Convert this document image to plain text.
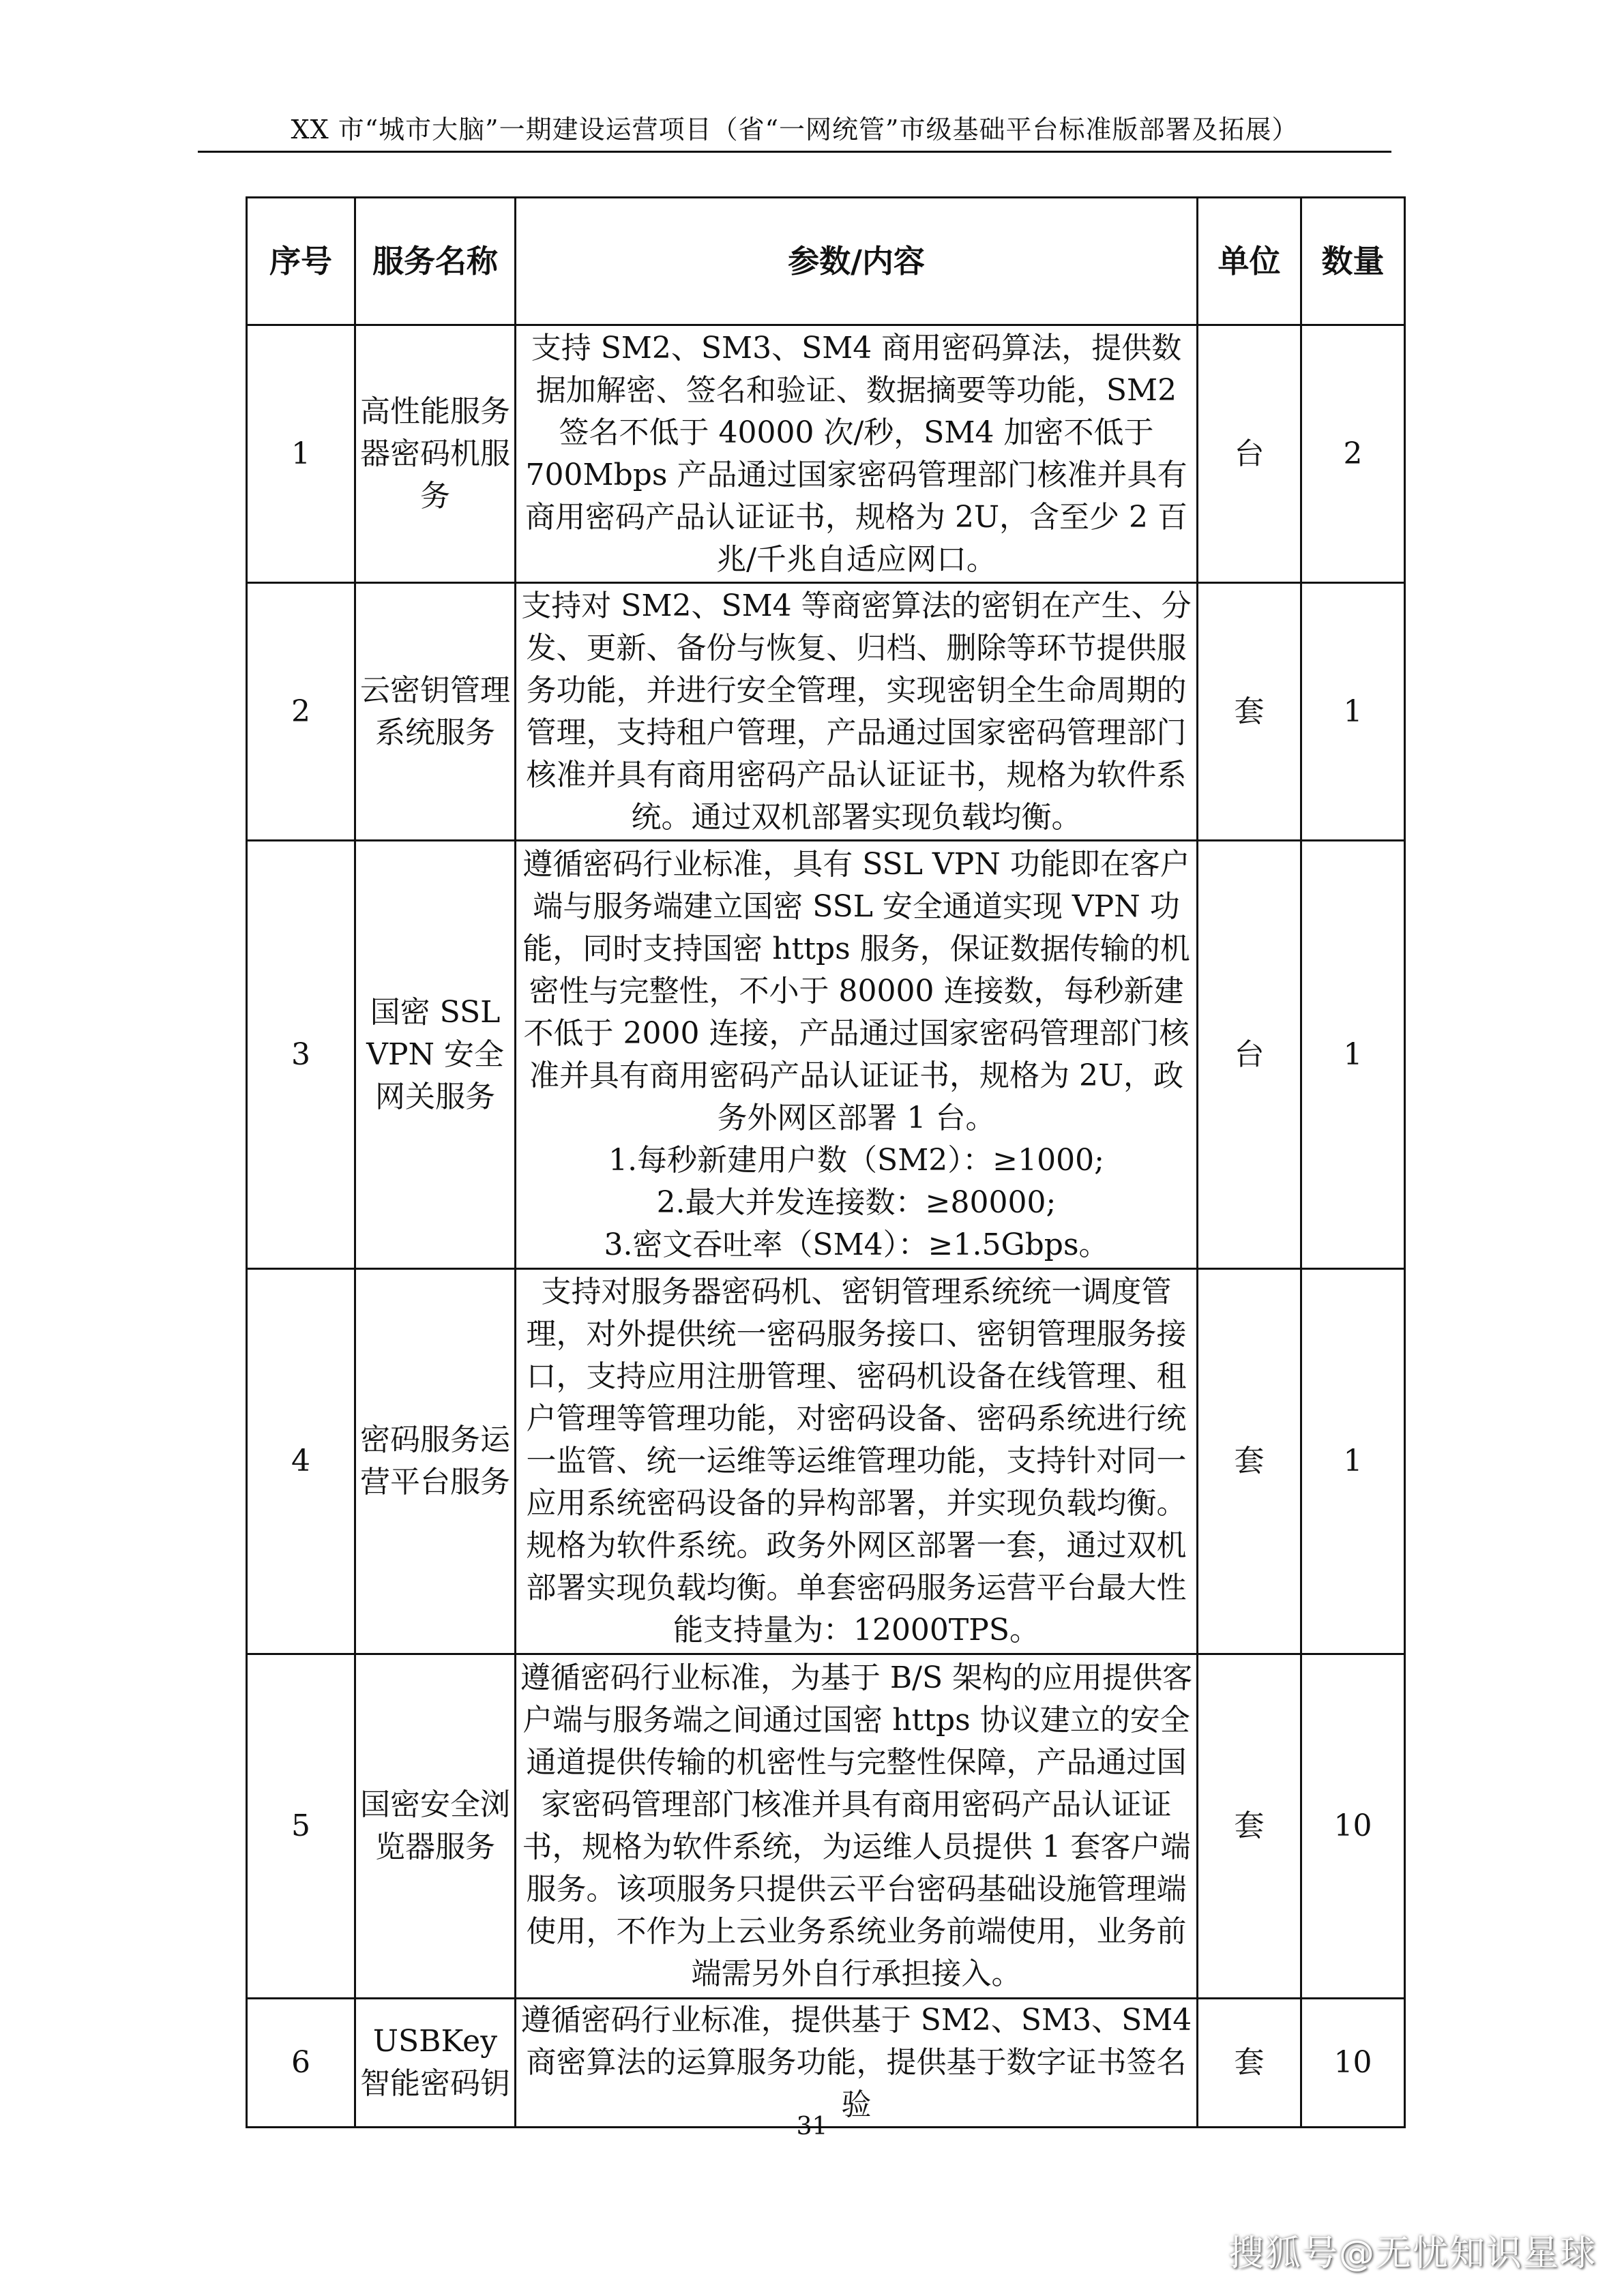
XX 市“城市大脑”一期建设运营项目（省“一网统管”市级基础平台标准版部署及拓展）
序号	服务名称	参数/内容	单位	数量
1	高性能服务器密码机服务	支持 SM2、SM3、SM4 商用密码算法，提供数据加解密、签名和验证、数据摘要等功能，SM2 签名不低于 40000 次/秒，SM4 加密不低于 700Mbps 产品通过国家密码管理部门核准并具有商用密码产品认证证书，规格为 2U，含至少 2 百兆/千兆自适应网口。	台	2
2	云密钥管理系统服务	支持对 SM2、SM4 等商密算法的密钥在产生、分发、更新、备份与恢复、归档、删除等环节提供服务功能，并进行安全管理，实现密钥全生命周期的管理，支持租户管理，产品通过国家密码管理部门核准并具有商用密码产品认证证书，规格为软件系统。通过双机部署实现负载均衡。	套	1
3	国密 SSL VPN 安全网关服务	遵循密码行业标准，具有 SSL VPN 功能即在客户端与服务端建立国密 SSL 安全通道实现 VPN 功能，同时支持国密 https 服务，保证数据传输的机密性与完整性，不小于 80000 连接数，每秒新建不低于 2000 连接，产品通过国家密码管理部门核准并具有商用密码产品认证证书，规格为 2U，政务外网区部署 1 台。
1.每秒新建用户数（SM2）：≥1000;
2.最大并发连接数：≥80000;
3.密文吞吐率（SM4）：≥1.5Gbps。	台	1
4	密码服务运营平台服务	支持对服务器密码机、密钥管理系统统一调度管理，对外提供统一密码服务接口、密钥管理服务接口，支持应用注册管理、密码机设备在线管理、租户管理等管理功能，对密码设备、密码系统进行统一监管、统一运维等运维管理功能，支持针对同一应用系统密码设备的异构部署，并实现负载均衡。规格为软件系统。政务外网区部署一套，通过双机部署实现负载均衡。单套密码服务运营平台最大性能支持量为：12000TPS。	套	1
5	国密安全浏览器服务	遵循密码行业标准，为基于 B/S 架构的应用提供客户端与服务端之间通过国密 https 协议建立的安全通道提供传输的机密性与完整性保障，产品通过国家密码管理部门核准并具有商用密码产品认证证书，规格为软件系统，为运维人员提供 1 套客户端服务。该项服务只提供云平台密码基础设施管理端使用，不作为上云业务系统业务前端使用，业务前端需另外自行承担接入。	套	10
6	USBKey 智能密码钥	遵循密码行业标准，提供基于 SM2、SM3、SM4 商密算法的运算服务功能，提供基于数字证书签名验	套	10
31
搜狐号@无忧知识星球
